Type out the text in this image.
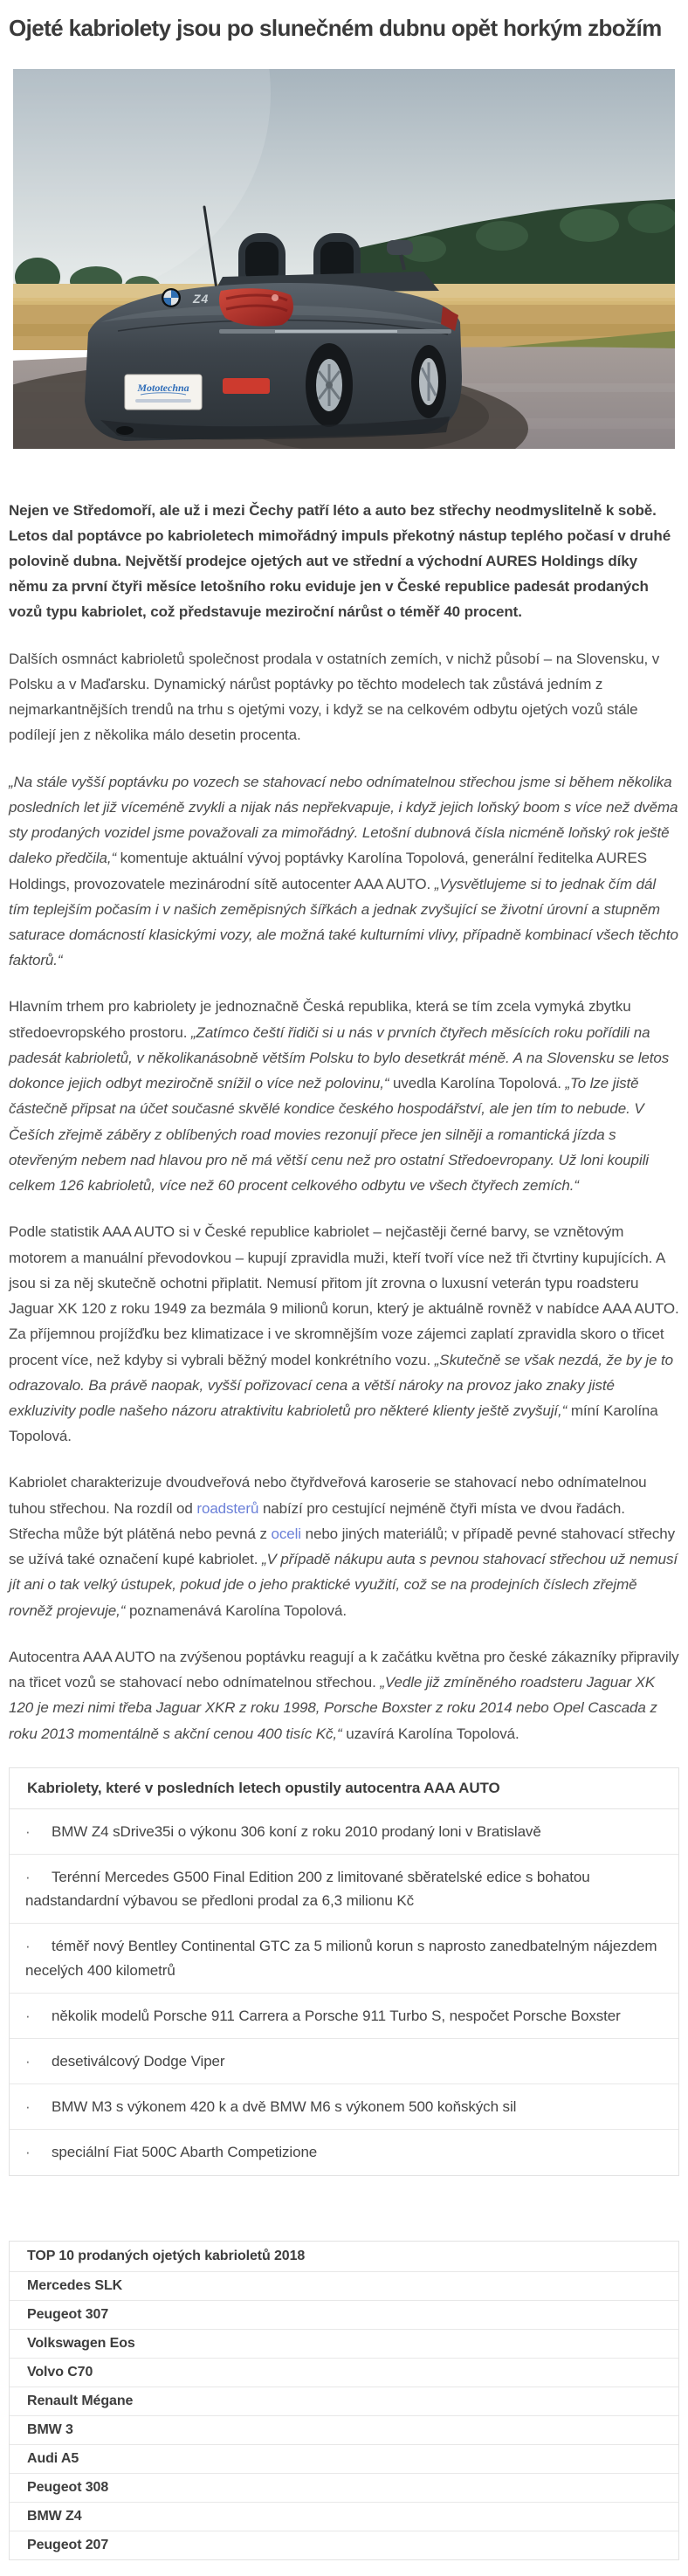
Ojeté kabriolety jsou po slunečném dubnu opět horkým zbožím
Z4
Mototechna

Nejen ve Středomoří, ale už i mezi Čechy patří léto a auto bez střechy neodmyslitelně k sobě. Letos dal poptávce po kabrioletech mimořádný impuls překotný nástup teplého počasí v druhé polovině dubna. Největší prodejce ojetých aut ve střední a východní AURES Holdings díky němu za první čtyři měsíce letošního roku eviduje jen v České republice padesát prodaných vozů typu kabriolet, což představuje meziroční nárůst o téměř 40 procent.

Dalších osmnáct kabrioletů společnost prodala v ostatních zemích, v nichž působí – na Slovensku, v Polsku a v Maďarsku. Dynamický nárůst poptávky po těchto modelech tak zůstává jedním z nejmarkantnějších trendů na trhu s ojetými vozy, i když se na celkovém odbytu ojetých vozů stále podílejí jen z několika málo desetin procenta.

„Na stále vyšší poptávku po vozech se stahovací nebo odnímatelnou střechou jsme si během několika posledních let již víceméně zvykli a nijak nás nepřekvapuje, i když jejich loňský boom s více než dvěma sty prodaných vozidel jsme považovali za mimořádný. Letošní dubnová čísla nicméně loňský rok ještě daleko předčila,“ komentuje aktuální vývoj poptávky Karolína Topolová, generální ředitelka AURES Holdings, provozovatele mezinárodní sítě autocenter AAA AUTO. „Vysvětlujeme si to jednak čím dál tím teplejším počasím i v našich zeměpisných šířkách a jednak zvyšující se životní úrovní a stupněm saturace domácností klasickými vozy, ale možná také kulturními vlivy, případně kombinací všech těchto faktorů.“

Hlavním trhem pro kabriolety je jednoznačně Česká republika, která se tím zcela vymyká zbytku středoevropského prostoru. „Zatímco čeští řidiči si u nás v prvních čtyřech měsících roku pořídili na padesát kabrioletů, v několikanásobně větším Polsku to bylo desetkrát méně. A na Slovensku se letos dokonce jejich odbyt meziročně snížil o více než polovinu,“ uvedla Karolína Topolová. „To lze jistě částečně připsat na účet současné skvělé kondice českého hospodářství, ale jen tím to nebude. V Češích zřejmě záběry z oblíbených road movies rezonují přece jen silněji a romantická jízda s otevřeným nebem nad hlavou pro ně má větší cenu než pro ostatní Středoevropany. Už loni koupili celkem 126 kabrioletů, více než 60 procent celkového odbytu ve všech čtyřech zemích.“

Podle statistik AAA AUTO si v České republice kabriolet – nejčastěji černé barvy, se vznětovým motorem a manuální převodovkou – kupují zpravidla muži, kteří tvoří více než tři čtvrtiny kupujících. A jsou si za něj skutečně ochotni připlatit. Nemusí přitom jít zrovna o luxusní veterán typu roadsteru Jaguar XK 120 z roku 1949 za bezmála 9 milionů korun, který je aktuálně rovněž v nabídce AAA AUTO. Za příjemnou projížďku bez klimatizace i ve skromnějším voze zájemci zaplatí zpravidla skoro o třicet procent více, než kdyby si vybrali běžný model konkrétního vozu. „Skutečně se však nezdá, že by je to odrazovalo. Ba právě naopak, vyšší pořizovací cena a větší nároky na provoz jako znaky jisté exkluzivity podle našeho názoru atraktivitu kabrioletů pro některé klienty ještě zvyšují,“ míní Karolína Topolová.

Kabriolet charakterizuje dvoudveřová nebo čtyřdveřová karoserie se stahovací nebo odnímatelnou tuhou střechou. Na rozdíl od roadsterů nabízí pro cestující nejméně čtyři místa ve dvou řadách. Střecha může být plátěná nebo pevná z oceli nebo jiných materiálů; v případě pevné stahovací střechy se užívá také označení kupé kabriolet. „V případě nákupu auta s pevnou stahovací střechou už nemusí jít ani o tak velký ústupek, pokud jde o jeho praktické využití, což se na prodejních číslech zřejmě rovněž projevuje,“ poznamenává Karolína Topolová.

Autocentra AAA AUTO na zvýšenou poptávku reagují a k začátku května pro české zákazníky připravily na třicet vozů se stahovací nebo odnímatelnou střechou. „Vedle již zmíněného roadsteru Jaguar XK 120 je mezi nimi třeba Jaguar XKR z roku 1998, Porsche Boxster z roku 2014 nebo Opel Cascada z roku 2013 momentálně s akční cenou 400 tisíc Kč,“ uzavírá Karolína Topolová.

Kabriolety, které v posledních letech opustily autocentra AAA AUTO
· BMW Z4 sDrive35i o výkonu 306 koní z roku 2010 prodaný loni v Bratislavě
· Terénní Mercedes G500 Final Edition 200 z limitované sběratelské edice s bohatou nadstandardní výbavou se předloni prodal za 6,3 milionu Kč
· téměř nový Bentley Continental GTC za 5 milionů korun s naprosto zanedbatelným nájezdem necelých 400 kilometrů
· několik modelů Porsche 911 Carrera a Porsche 911 Turbo S, nespočet Porsche Boxster
· desetiválcový Dodge Viper
· BMW M3 s výkonem 420 k a dvě BMW M6 s výkonem 500 koňských sil
· speciální Fiat 500C Abarth Competizione
TOP 10 prodaných ojetých kabrioletů 2018
Mercedes SLK
Peugeot 307
Volkswagen Eos
Volvo C70
Renault Mégane
BMW 3
Audi A5
Peugeot 308
BMW Z4
Peugeot 207
